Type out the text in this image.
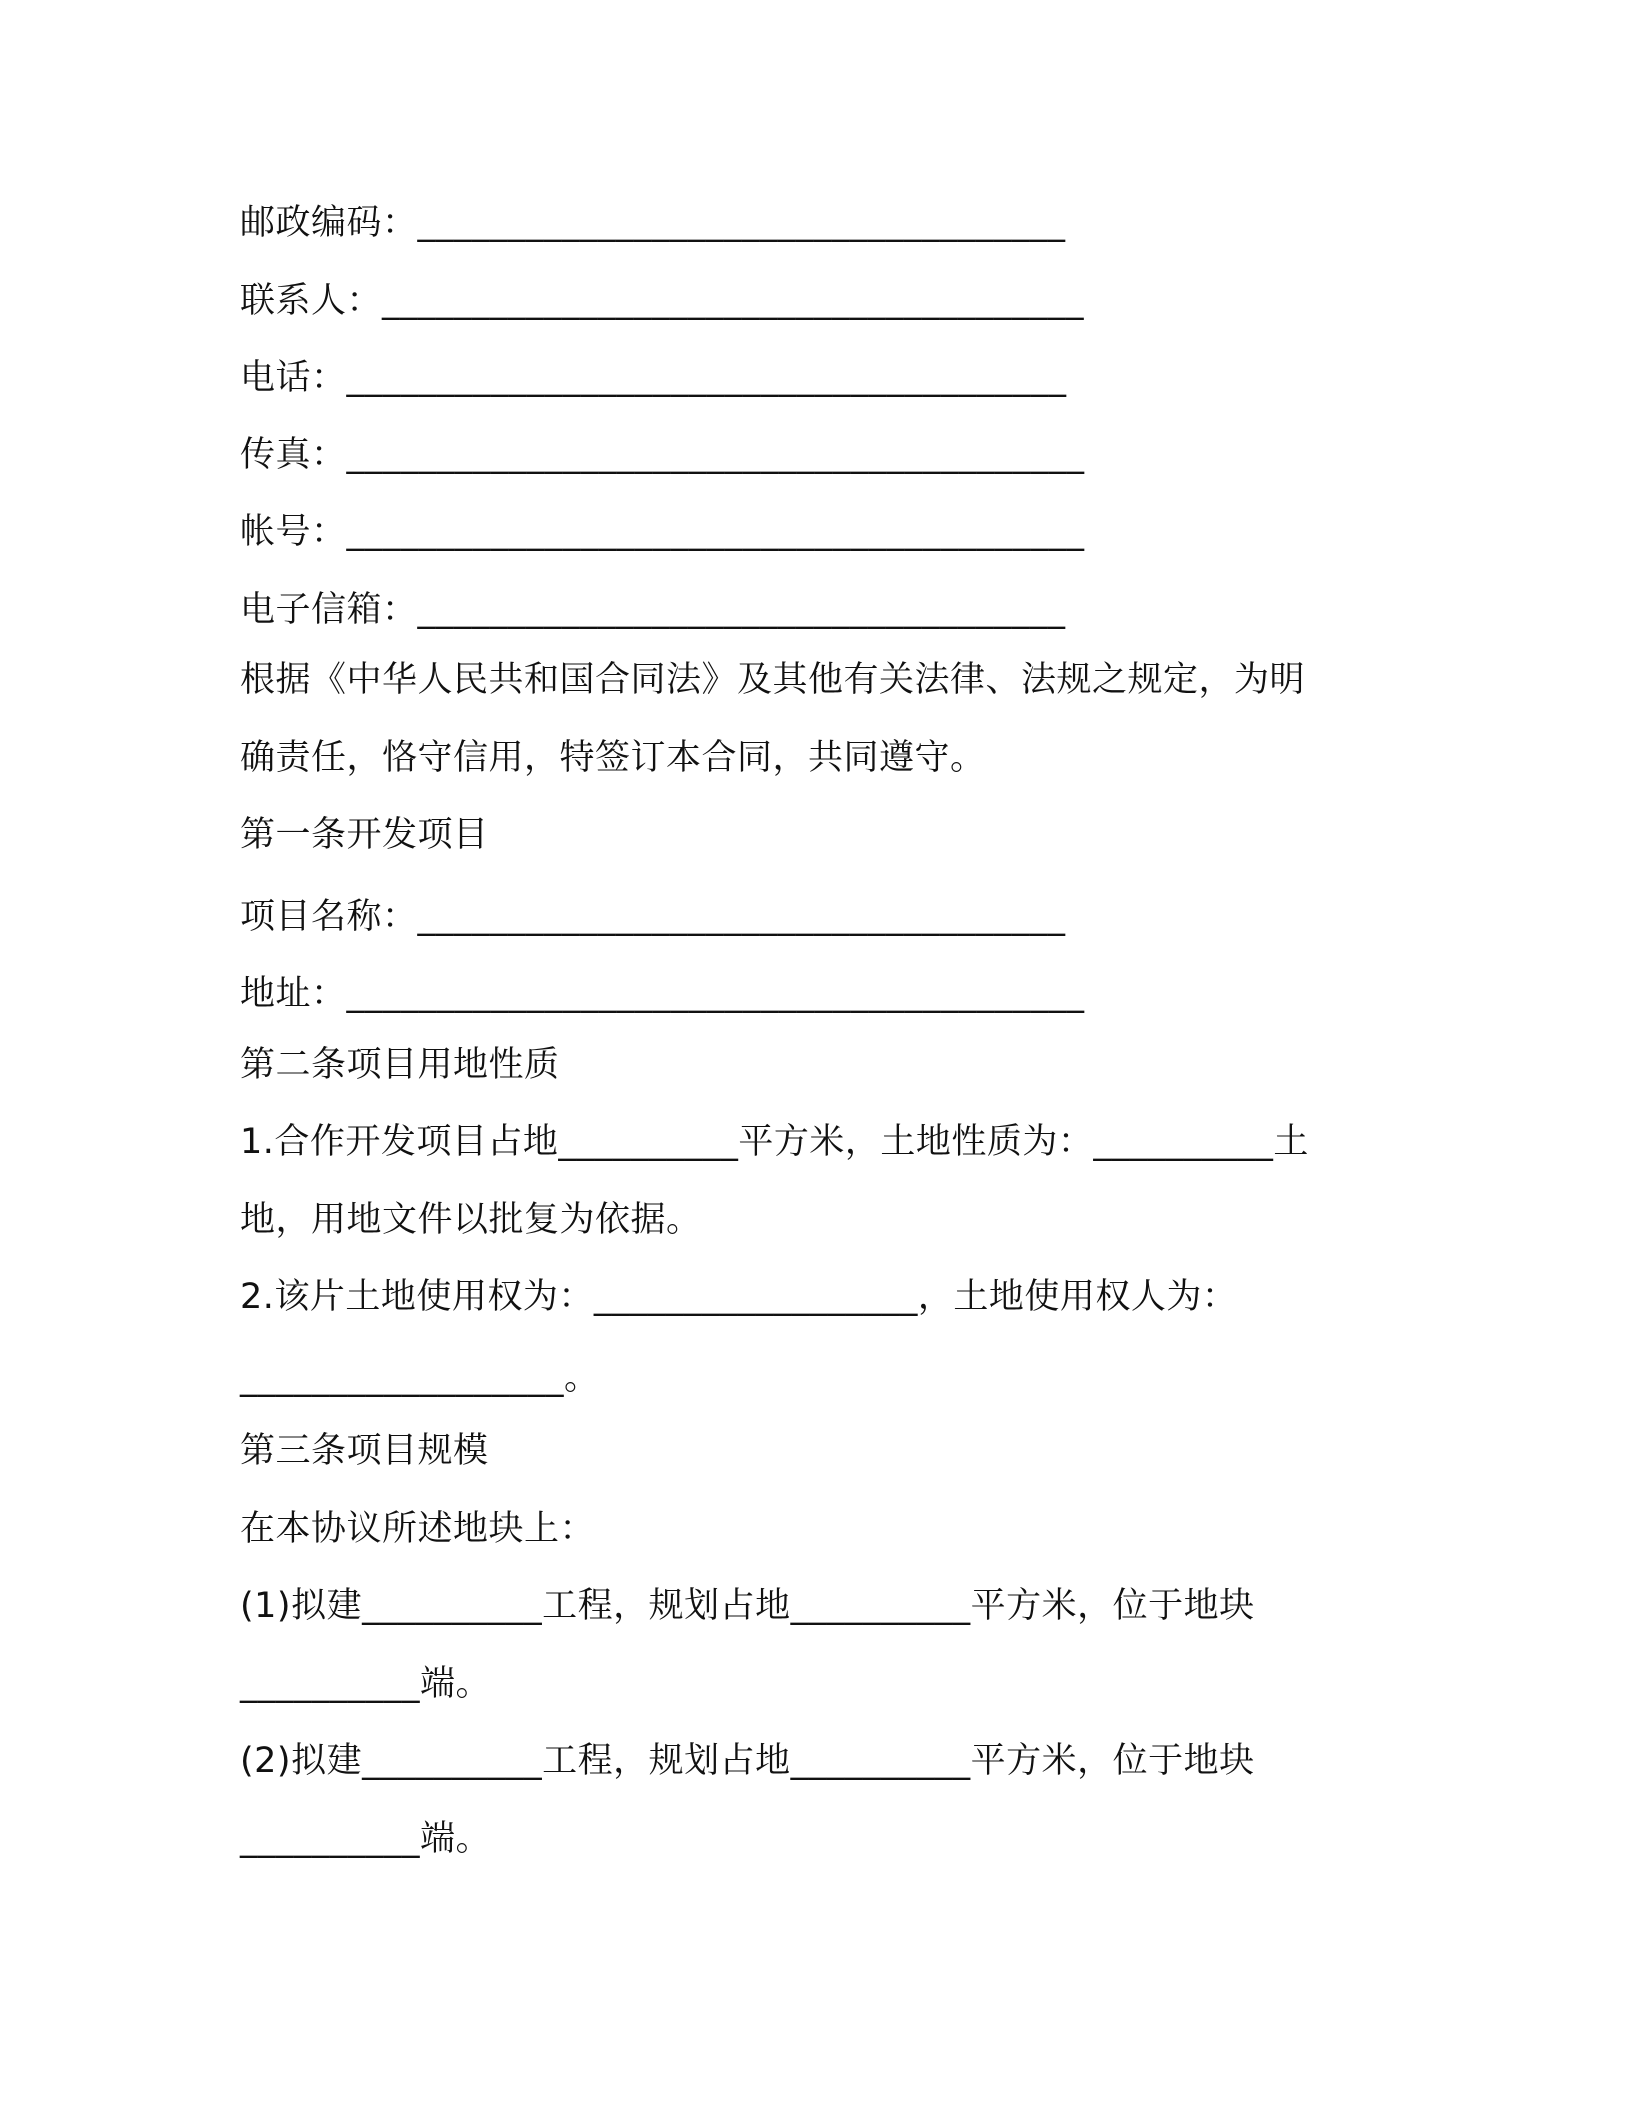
邮政编码：____________________________________
联系人：_______________________________________
电话：________________________________________
传真：_________________________________________
帐号：_________________________________________
电子信箱：____________________________________
根据《中华人民共和国合同法》及其他有关法律、法规之规定，为明
确责任，恪守信用，特签订本合同，共同遵守。
第一条开发项目
项目名称：____________________________________
地址：_________________________________________
第二条项目用地性质
1.合作开发项目占地__________平方米，土地性质为：__________土
地，用地文件以批复为依据。
2.该片土地使用权为：__________________，土地使用权人为：
__________________。
第三条项目规模
在本协议所述地块上：
(1)拟建__________工程，规划占地__________平方米，位于地块
__________端。
(2)拟建__________工程，规划占地__________平方米，位于地块
__________端。
